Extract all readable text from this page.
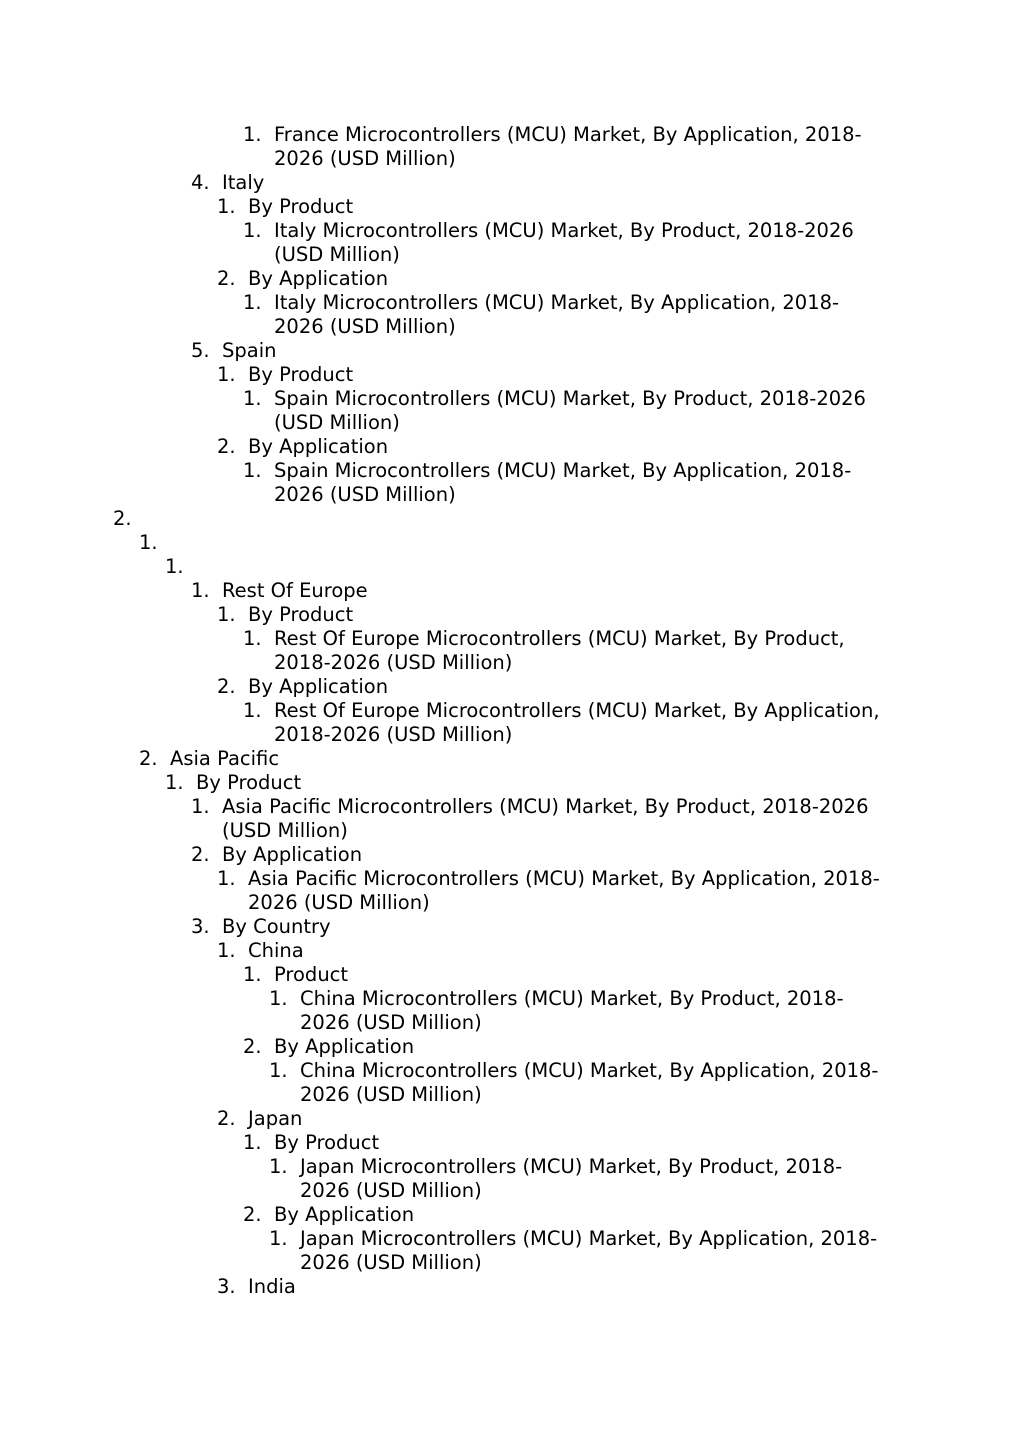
1. France Microcontrollers (MCU) Market, By Application, 2018-
2026 (USD Million)
4. Italy
1. By Product
1. Italy Microcontrollers (MCU) Market, By Product, 2018-2026
(USD Million)
2. By Application
1. Italy Microcontrollers (MCU) Market, By Application, 2018-
2026 (USD Million)
5. Spain
1. By Product
1. Spain Microcontrollers (MCU) Market, By Product, 2018-2026
(USD Million)
2. By Application
1. Spain Microcontrollers (MCU) Market, By Application, 2018-
2026 (USD Million)
2.
1.
1.
1. Rest Of Europe
1. By Product
1. Rest Of Europe Microcontrollers (MCU) Market, By Product,
2018-2026 (USD Million)
2. By Application
1. Rest Of Europe Microcontrollers (MCU) Market, By Application,
2018-2026 (USD Million)
2. Asia Pacific
1. By Product
1. Asia Pacific Microcontrollers (MCU) Market, By Product, 2018-2026
(USD Million)
2. By Application
1. Asia Pacific Microcontrollers (MCU) Market, By Application, 2018-
2026 (USD Million)
3. By Country
1. China
1. Product
1. China Microcontrollers (MCU) Market, By Product, 2018-
2026 (USD Million)
2. By Application
1. China Microcontrollers (MCU) Market, By Application, 2018-
2026 (USD Million)
2. Japan
1. By Product
1. Japan Microcontrollers (MCU) Market, By Product, 2018-
2026 (USD Million)
2. By Application
1. Japan Microcontrollers (MCU) Market, By Application, 2018-
2026 (USD Million)
3. India
